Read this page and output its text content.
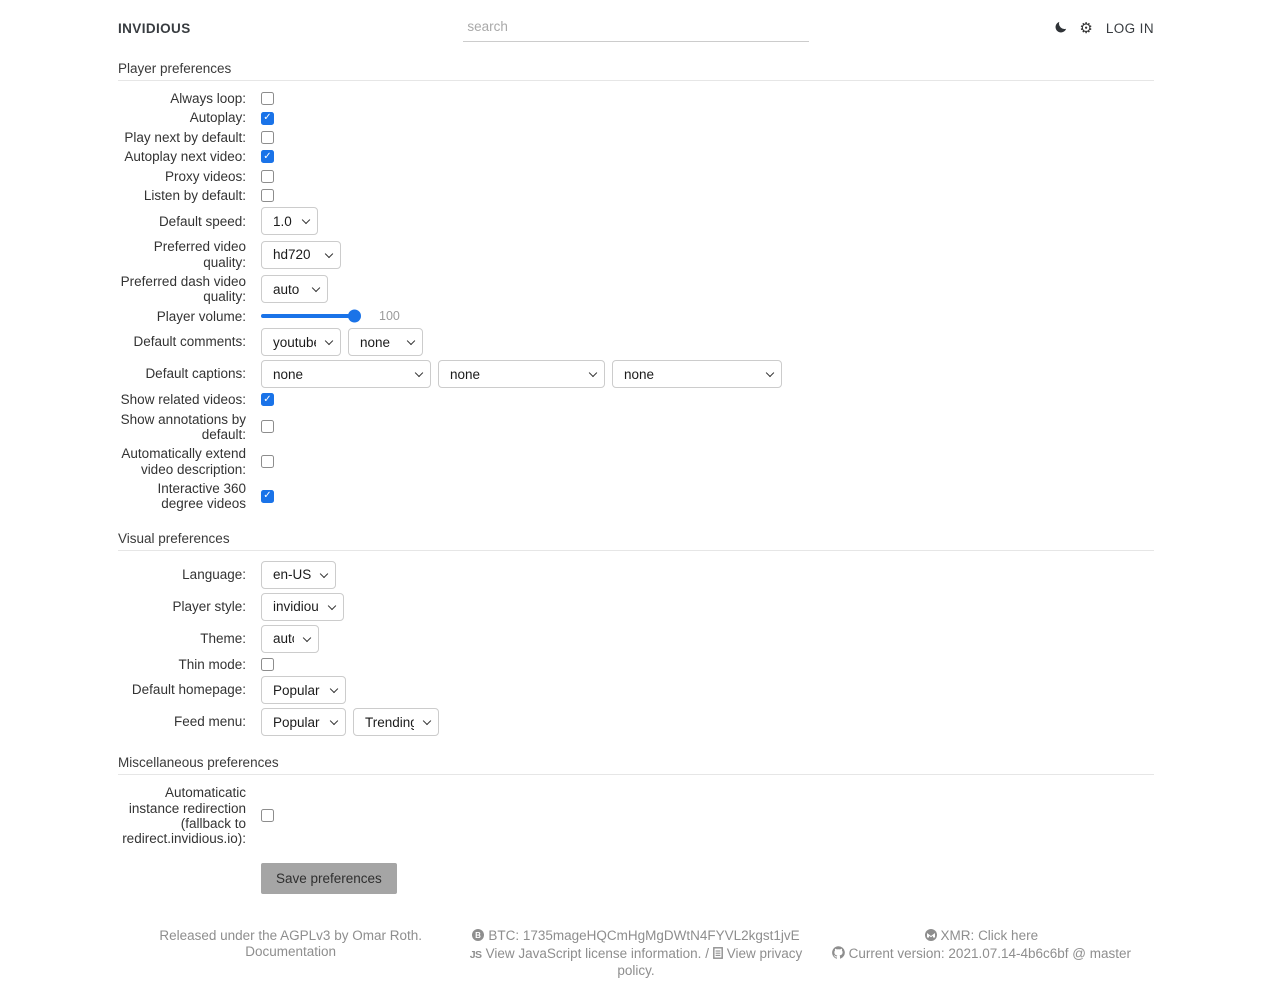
INVIDIOUS
search	⚙ LOG IN
Player preferences
Always loop:
Autoplay:
✓
Play next by default:
Autoplay next video:
✓
Proxy videos:
Listen by default:
Default speed:
1.0
Preferred video quality:
hd720
Preferred dash video quality:
auto
Player volume:	100
Default comments:
youtube
none
Default captions:
none
none
none
Show related videos:
✓
Show annotations by default:
Automatically extend video description:
Interactive 360 degree videos
✓
Visual preferences
Language:
en-US
Player style:
invidious
Theme:
auto
Thin mode:
Default homepage:
Popular
Feed menu:
Popular
Trending
Miscellaneous preferences
Automaticatic instance redirection (fallback to redirect.invidious.io):
Save preferences
Released under the AGPLv3 by Omar Roth.
Documentation
B BTC: 1735mageHQCmHgMgDWtN4FYVL2kgst1jvE
JS View JavaScript license information. / View privacy policy.
XMR: Click here
Current version: 2021.07.14-4b6c6bf @ master
